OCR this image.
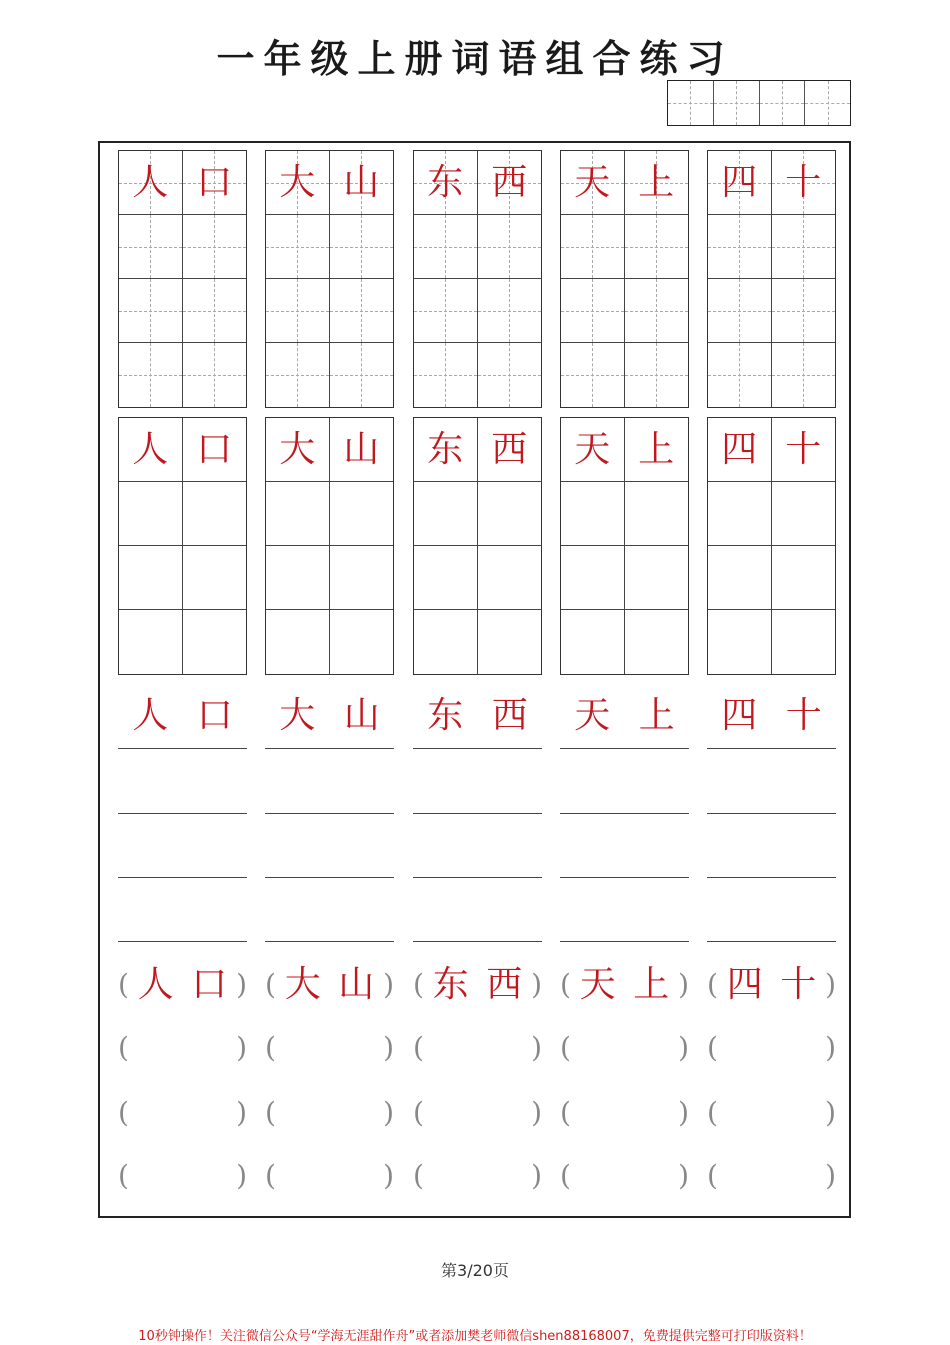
一年级上册词语组合练习
人 口
人 口
人 口
( 人 口 )
(	)
(	)
(	)
大 山
大 山
大 山
( 大 山 )
(	)
(	)
(	)
东 西
东 西
东 西
( 东 西 )
(	)
(	)
(	)
天 上
天 上
天 上
( 天 上 )
(	)
(	)
(	)
四 十
四 十
四 十
( 四 十 )
(	)
(	)
(	)
第3/20页
10秒钟操作！关注微信公众号“学海无涯甜作舟”或者添加樊老师微信shen88168007，免费提供完整可打印版资料！
